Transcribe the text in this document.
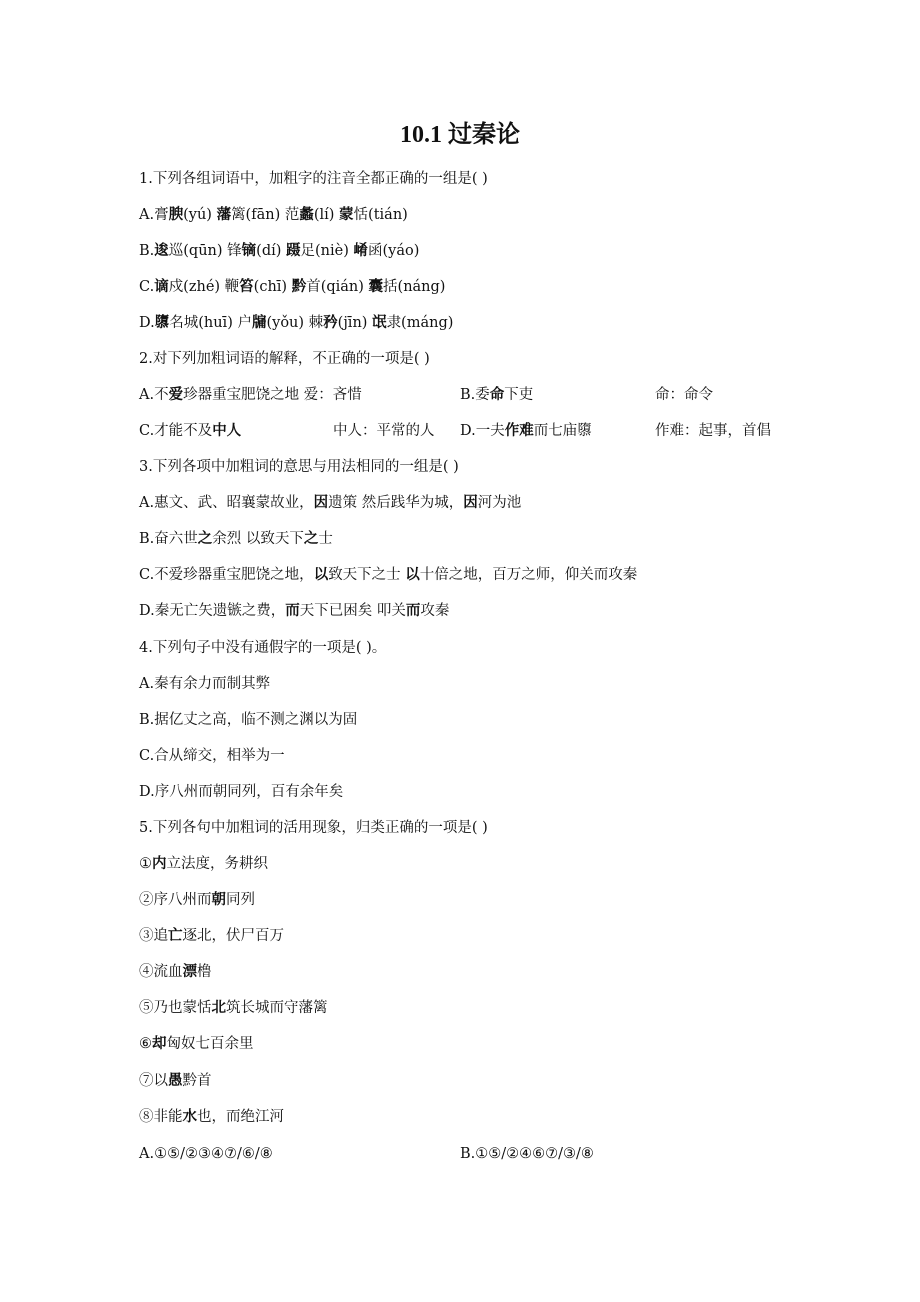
10.1 过秦论
1.下列各组词语中，加粗字的注音全都正确的一组是( )
A.膏腴(yú) 藩篱(fān) 范蠡(lí) 蒙恬(tián)
B.逡巡(qūn) 锋镝(dí) 蹑足(niè) 崤函(yáo)
C.谪戍(zhé) 鞭笞(chī) 黔首(qián) 囊括(náng)
D.隳名城(huī) 户牖(yǒu) 棘矜(jīn) 氓隶(máng)
2.对下列加粗词语的解释，不正确的一项是( )
A.不爱珍器重宝肥饶之地 爱：吝惜	B.委命下吏	命：命令
C.才能不及中人	中人：平常的人 D.一夫作难而七庙隳	作难：起事，首倡
3.下列各项中加粗词的意思与用法相同的一组是( )
A.惠文、武、昭襄蒙故业，因遗策 然后践华为城，因河为池
B.奋六世之余烈 以致天下之士
C.不爱珍器重宝肥饶之地，以致天下之士 以十倍之地，百万之师，仰关而攻秦
D.秦无亡矢遗镞之费，而天下已困矣 叩关而攻秦
4.下列句子中没有通假字的一项是( )。
A.秦有余力而制其弊
B.据亿丈之高，临不测之渊以为固
C.合从缔交，相举为一
D.序八州而朝同列，百有余年矣
5.下列各句中加粗词的活用现象，归类正确的一项是( )
①内立法度，务耕织
②序八州而朝同列
③追亡逐北，伏尸百万
④流血漂橹
⑤乃也蒙恬北筑长城而守藩篱
⑥却匈奴七百余里
⑦以愚黔首
⑧非能水也，而绝江河
A.①⑤/②③④⑦/⑥/⑧	B.①⑤/②④⑥⑦/③/⑧
